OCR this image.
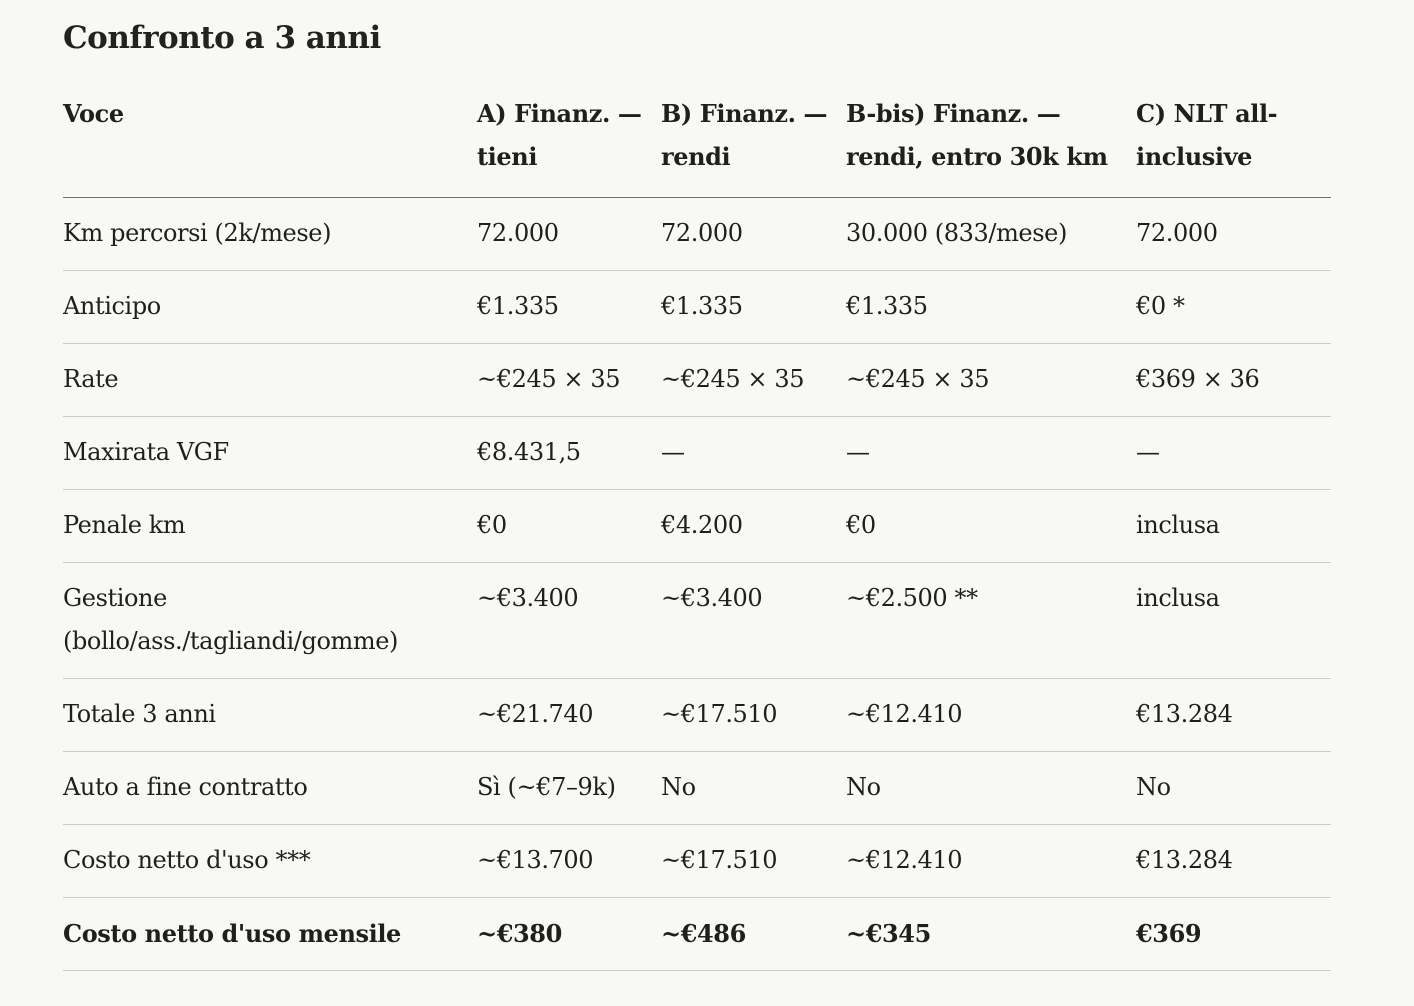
Confronto a 3 anni
Voce	A) Finanz. — tieni	B) Finanz. — rendi	B-bis) Finanz. — rendi, entro 30k km	C) NLT all-inclusive
Km percorsi (2k/mese)	72.000	72.000	30.000 (833/mese)	72.000
Anticipo	€1.335	€1.335	€1.335	€0 *
Rate	~€245 × 35	~€245 × 35	~€245 × 35	€369 × 36
Maxirata VGF	€8.431,5	—	—	—
Penale km	€0	€4.200	€0	inclusa
Gestione (bollo/ass./tagliandi/gomme)	~€3.400	~€3.400	~€2.500 **	inclusa
Totale 3 anni	~€21.740	~€17.510	~€12.410	€13.284
Auto a fine contratto	Sì (~€7–9k)	No	No	No
Costo netto d'uso ***	~€13.700	~€17.510	~€12.410	€13.284
Costo netto d'uso mensile	~€380	~€486	~€345	€369
